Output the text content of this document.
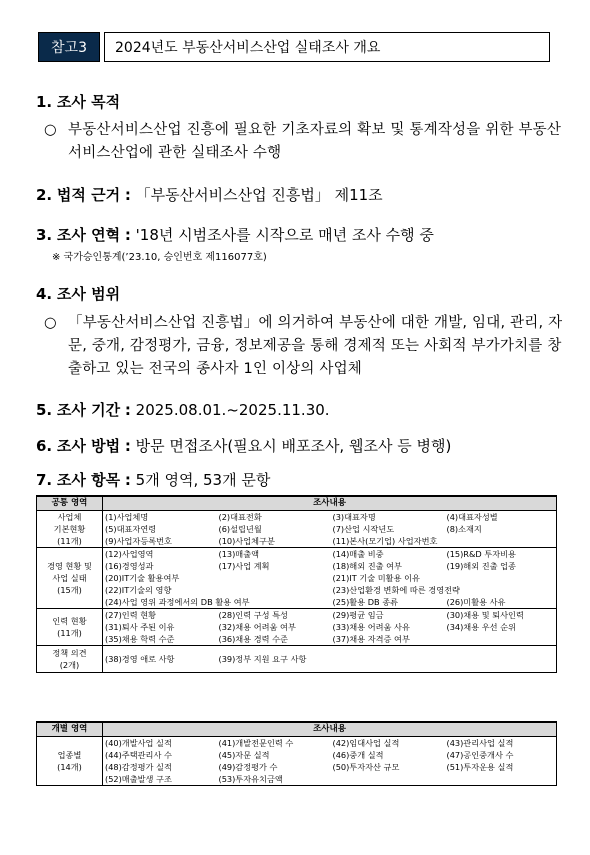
참고3	2024년도 부동산서비스산업 실태조사 개요
1. 조사 목적
○ 부동산서비스산업 진흥에 필요한 기초자료의 확보 및 통계작성을 위한 부동산서비스산업에 관한 실태조사 수행
2. 법적 근거 : 「부동산서비스산업 진흥법」 제11조
3. 조사 연혁 : '18년 시범조사를 시작으로 매년 조사 수행 중
※ 국가승인통계(’23.10, 승인번호 제116077호)
4. 조사 범위
○ 「부동산서비스산업 진흥법」에 의거하여 부동산에 대한 개발, 임대, 관리, 자문, 중개, 감정평가, 금융, 정보제공을 통해 경제적 또는 사회적 부가가치를 창출하고 있는 전국의 종사자 1인 이상의 사업체
5. 조사 기간 : 2025.08.01.~2025.11.30.
6. 조사 방법 : 방문 면접조사(필요시 배포조사, 웹조사 등 병행)
7. 조사 항목 : 5개 영역, 53개 문항
공통 영역	조사내용			

사업체
기본현황
(11개)	(1)사업체명	(2)대표전화	(3)대표자명	(4)대표자성별
	(5)대표자연령	(6)설립년월	(7)산업 시작년도	(8)소재지
	(9)사업자등록번호	(10)사업체구분	(11)본사(모기업) 사업자번호	

경영 현황 및
사업 실태
(15개)	(12)사업영역	(13)매출액	(14)매출 비중	(15)R&D 투자비용
	(16)경영성과	(17)사업 계획	(18)해외 진출 여부	(19)해외 진출 업종
	(20)IT기술 활용여부		(21)IT 기술 미활용 이유	
	(22)IT기술의 영향		(23)산업환경 변화에 따른 경영전략	
	(24)사업 영위 과정에서의 DB 활용 여부		(25)활용 DB 종류	(26)미활용 사유

인력 현황
(11개)	(27)인력 현황	(28)인력 구성 특성	(29)평균 임금	(30)채용 및 퇴사인력
	(31)퇴사 주된 이유	(32)채용 어려움 여부	(33)채용 어려움 사유	(34)채용 우선 순위
	(35)채용 학력 수준	(36)채용 경력 수준	(37)채용 자격증 여부	

정책 의견
(2개)	(38)경영 애로 사항	(39)정부 지원 요구 사항		
개별 영역	조사내용			

업종별
(14개)	(40)개발사업 실적	(41)개발전문인력 수	(42)임대사업 실적	(43)관리사업 실적
	(44)주택관리사 수	(45)자문 실적	(46)중개 실적	(47)공인중개사 수
	(48)감정평가 실적	(49)감정평가 수	(50)투자자산 규모	(51)투자운용 실적
	(52)매출발생 구조	(53)투자유치금액		
